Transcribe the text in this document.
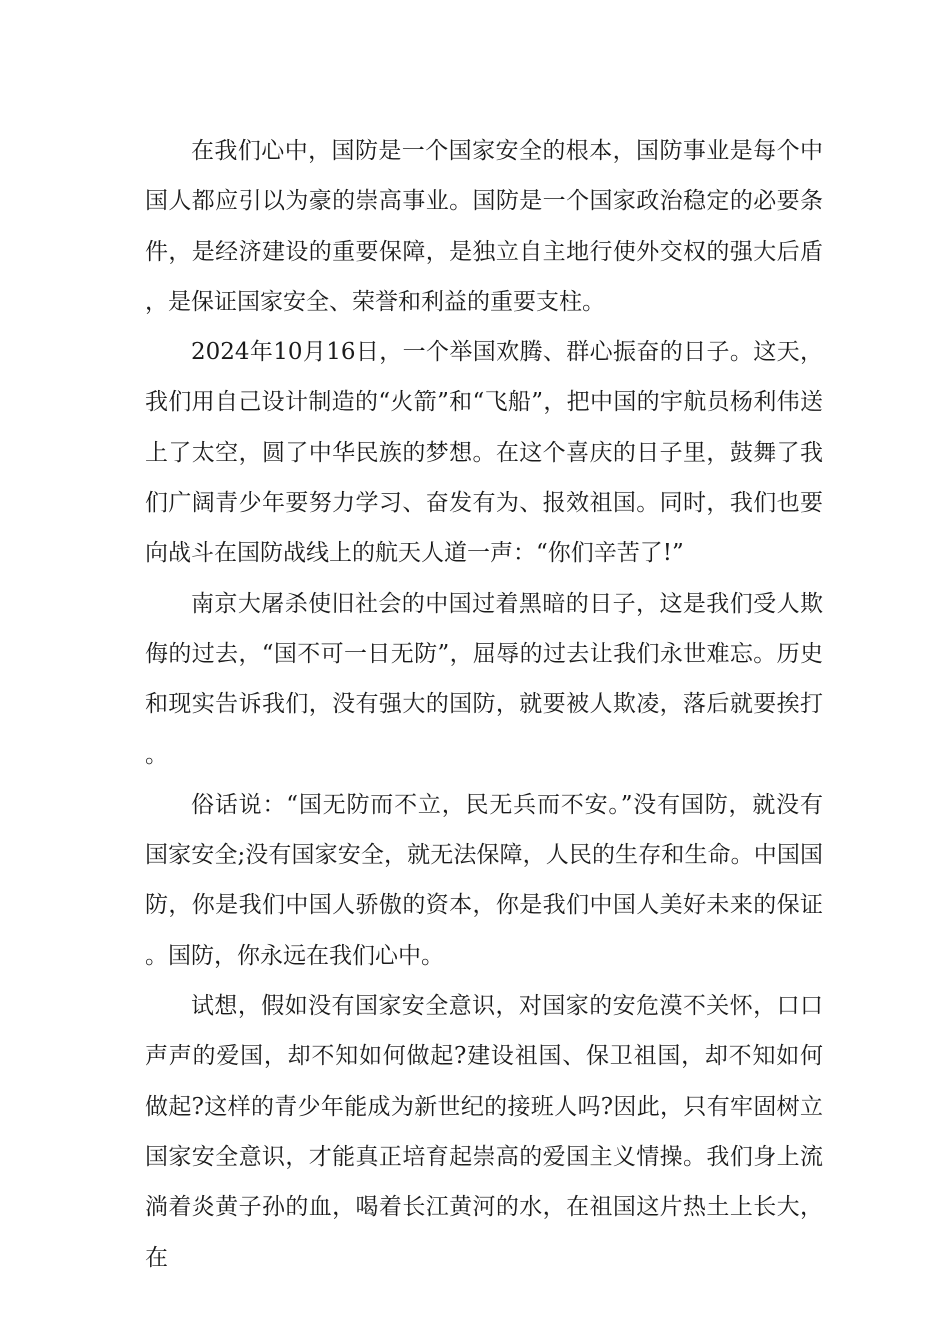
在我们心中，国防是一个国家安全的根本，国防事业是每个中国人都应引以为豪的崇高事业。国防是一个国家政治稳定的必要条件，是经济建设的重要保障，是独立自主地行使外交权的强大后盾，是保证国家安全、荣誉和利益的重要支柱。

2024年10月16日，一个举国欢腾、群心振奋的日子。这天，我们用自己设计制造的“火箭”和“飞船”，把中国的宇航员杨利伟送上了太空，圆了中华民族的梦想。在这个喜庆的日子里，鼓舞了我们广阔青少年要努力学习、奋发有为、报效祖国。同时，我们也要向战斗在国防战线上的航天人道一声：“你们辛苦了!”

南京大屠杀使旧社会的中国过着黑暗的日子，这是我们受人欺侮的过去，“国不可一日无防”，屈辱的过去让我们永世难忘。历史和现实告诉我们，没有强大的国防，就要被人欺凌，落后就要挨打。

俗话说：“国无防而不立，民无兵而不安。”没有国防，就没有国家安全;没有国家安全，就无法保障，人民的生存和生命。中国国防，你是我们中国人骄傲的资本，你是我们中国人美好未来的保证。国防，你永远在我们心中。

试想，假如没有国家安全意识，对国家的安危漠不关怀，口口声声的爱国，却不知如何做起?建设祖国、保卫祖国，却不知如何做起?这样的青少年能成为新世纪的接班人吗?因此，只有牢固树立国家安全意识，才能真正培育起崇高的爱国主义情操。我们身上流淌着炎黄子孙的血，喝着长江黄河的水，在祖国这片热土上长大，在
